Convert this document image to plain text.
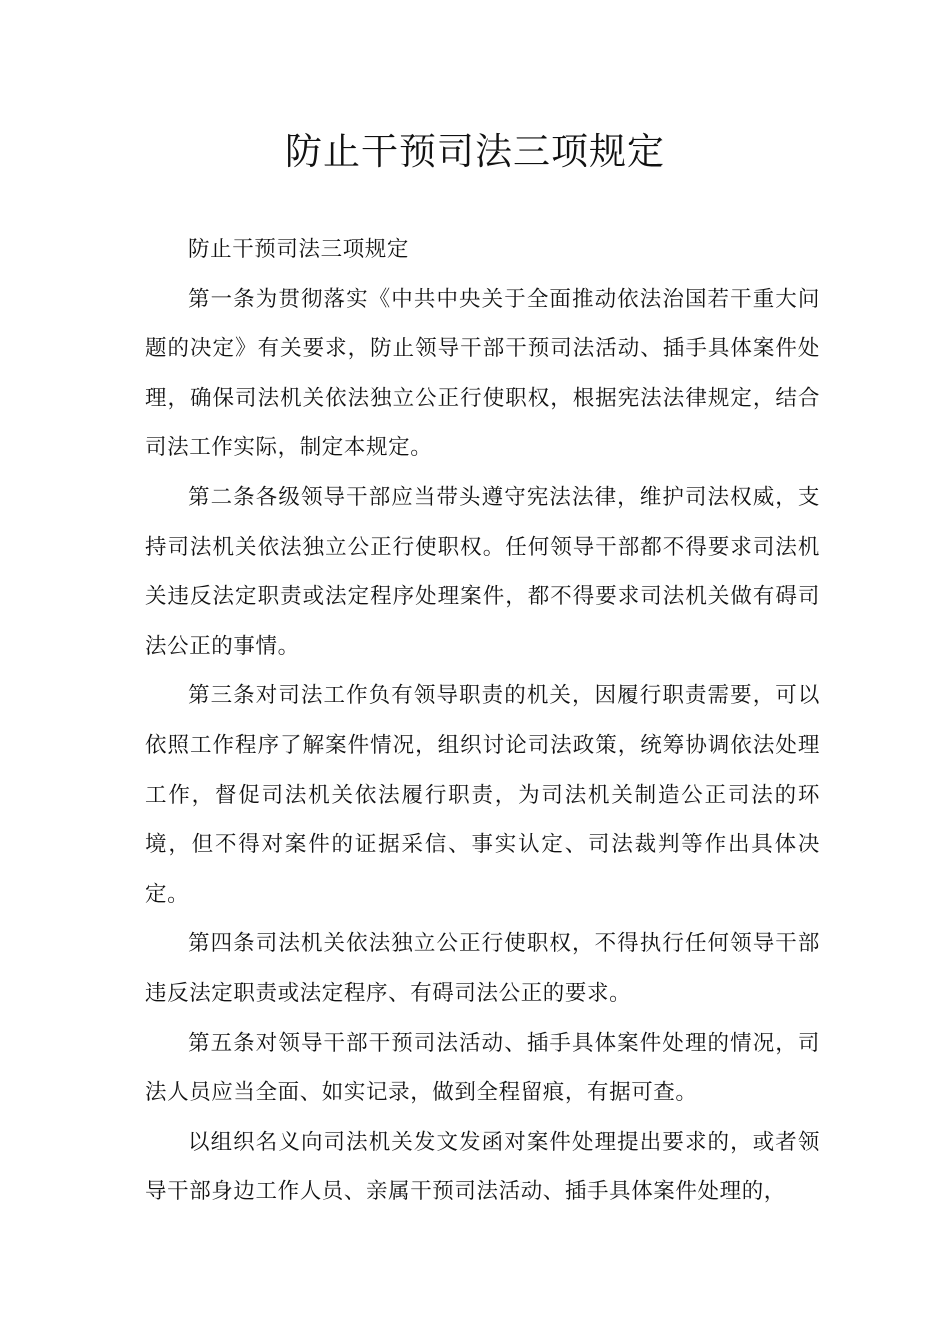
防止干预司法三项规定

防止干预司法三项规定

第一条为贯彻落实《中共中央关于全面推动依法治国若干重大问题的决定》有关要求，防止领导干部干预司法活动、插手具体案件处理，确保司法机关依法独立公正行使职权，根据宪法法律规定，结合司法工作实际，制定本规定。

第二条各级领导干部应当带头遵守宪法法律，维护司法权威，支持司法机关依法独立公正行使职权。任何领导干部都不得要求司法机关违反法定职责或法定程序处理案件，都不得要求司法机关做有碍司法公正的事情。

第三条对司法工作负有领导职责的机关，因履行职责需要，可以依照工作程序了解案件情况，组织讨论司法政策，统筹协调依法处理工作，督促司法机关依法履行职责，为司法机关制造公正司法的环境，但不得对案件的证据采信、事实认定、司法裁判等作出具体决定。

第四条司法机关依法独立公正行使职权，不得执行任何领导干部违反法定职责或法定程序、有碍司法公正的要求。

第五条对领导干部干预司法活动、插手具体案件处理的情况，司法人员应当全面、如实记录，做到全程留痕，有据可查。

以组织名义向司法机关发文发函对案件处理提出要求的，或者领导干部身边工作人员、亲属干预司法活动、插手具体案件处理的，
